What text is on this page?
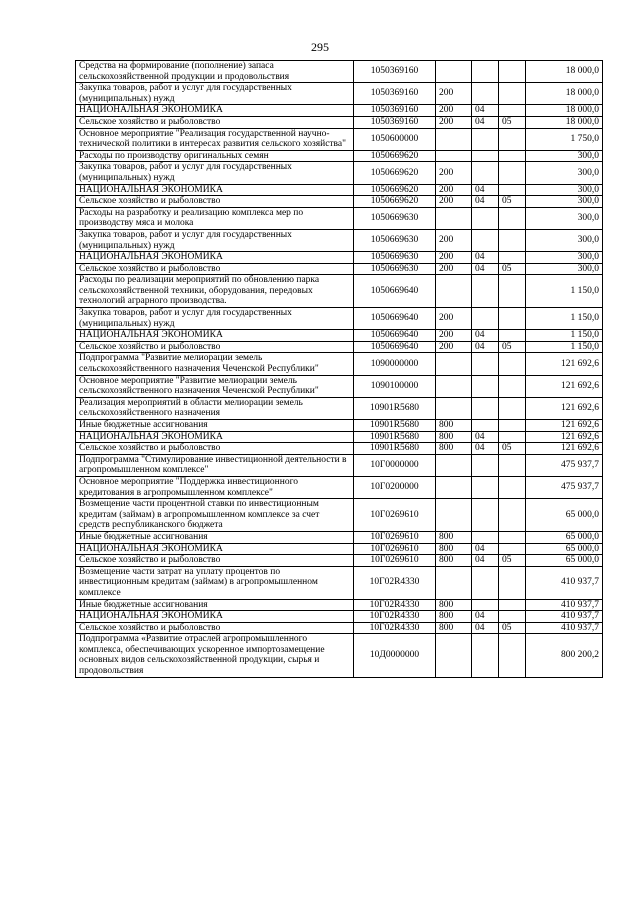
295
Средства на формирование (пополнение) запаса сельскохозяйственной продукции и продовольствия	1050369160				18 000,0
Закупка товаров, работ и услуг для государственных (муниципальных) нужд	1050369160	200			18 000,0
НАЦИОНАЛЬНАЯ ЭКОНОМИКА	1050369160	200	04		18 000,0
Сельское хозяйство и рыболовство	1050369160	200	04	05	18 000,0
Основное мероприятие "Реализация государственной научно-технической политики в интересах развития сельского хозяйства"	1050600000				1 750,0
Расходы по производству оригинальных семян	1050669620				300,0
Закупка товаров, работ и услуг для государственных (муниципальных) нужд	1050669620	200			300,0
НАЦИОНАЛЬНАЯ ЭКОНОМИКА	1050669620	200	04		300,0
Сельское хозяйство и рыболовство	1050669620	200	04	05	300,0
Расходы на разработку и реализацию комплекса мер по производству мяса и молока	1050669630				300,0
Закупка товаров, работ и услуг для государственных (муниципальных) нужд	1050669630	200			300,0
НАЦИОНАЛЬНАЯ ЭКОНОМИКА	1050669630	200	04		300,0
Сельское хозяйство и рыболовство	1050669630	200	04	05	300,0
Расходы по реализации мероприятий по обновлению парка сельскохозяйственной техники, оборудования, передовых технологий аграрного производства.	1050669640				1 150,0
Закупка товаров, работ и услуг для государственных (муниципальных) нужд	1050669640	200			1 150,0
НАЦИОНАЛЬНАЯ ЭКОНОМИКА	1050669640	200	04		1 150,0
Сельское хозяйство и рыболовство	1050669640	200	04	05	1 150,0
Подпрограмма "Развитие мелиорации земель сельскохозяйственного назначения Чеченской Республики"	1090000000				121 692,6
Основное мероприятие "Развитие мелиорации земель сельскохозяйственного назначения Чеченской Республики"	1090100000				121 692,6
Реализация мероприятий в области мелиорации земель сельскохозяйственного назначения	10901R5680				121 692,6
Иные бюджетные ассигнования	10901R5680	800			121 692,6
НАЦИОНАЛЬНАЯ ЭКОНОМИКА	10901R5680	800	04		121 692,6
Сельское хозяйство и рыболовство	10901R5680	800	04	05	121 692,6
Подпрограмма "Стимулирование инвестиционной деятельности в агропромышленном комплексе"	10Г0000000				475 937,7
Основное мероприятие "Поддержка инвестиционного кредитования в агропромышленном комплексе"	10Г0200000				475 937,7
Возмещение части процентной ставки по инвестиционным кредитам (займам) в агропромышленном комплексе за счет средств республиканского бюджета	10Г0269610				65 000,0
Иные бюджетные ассигнования	10Г0269610	800			65 000,0
НАЦИОНАЛЬНАЯ ЭКОНОМИКА	10Г0269610	800	04		65 000,0
Сельское хозяйство и рыболовство	10Г0269610	800	04	05	65 000,0
Возмещение части затрат на уплату процентов по инвестиционным кредитам (займам) в агропромышленном комплексе	10Г02R4330				410 937,7
Иные бюджетные ассигнования	10Г02R4330	800			410 937,7
НАЦИОНАЛЬНАЯ ЭКОНОМИКА	10Г02R4330	800	04		410 937,7
Сельское хозяйство и рыболовство	10Г02R4330	800	04	05	410 937,7
Подпрограмма «Развитие отраслей агропромышленного комплекса, обеспечивающих ускоренное импортозамещение основных видов сельскохозяйственной продукции, сырья и продовольствия	10Д0000000				800 200,2
